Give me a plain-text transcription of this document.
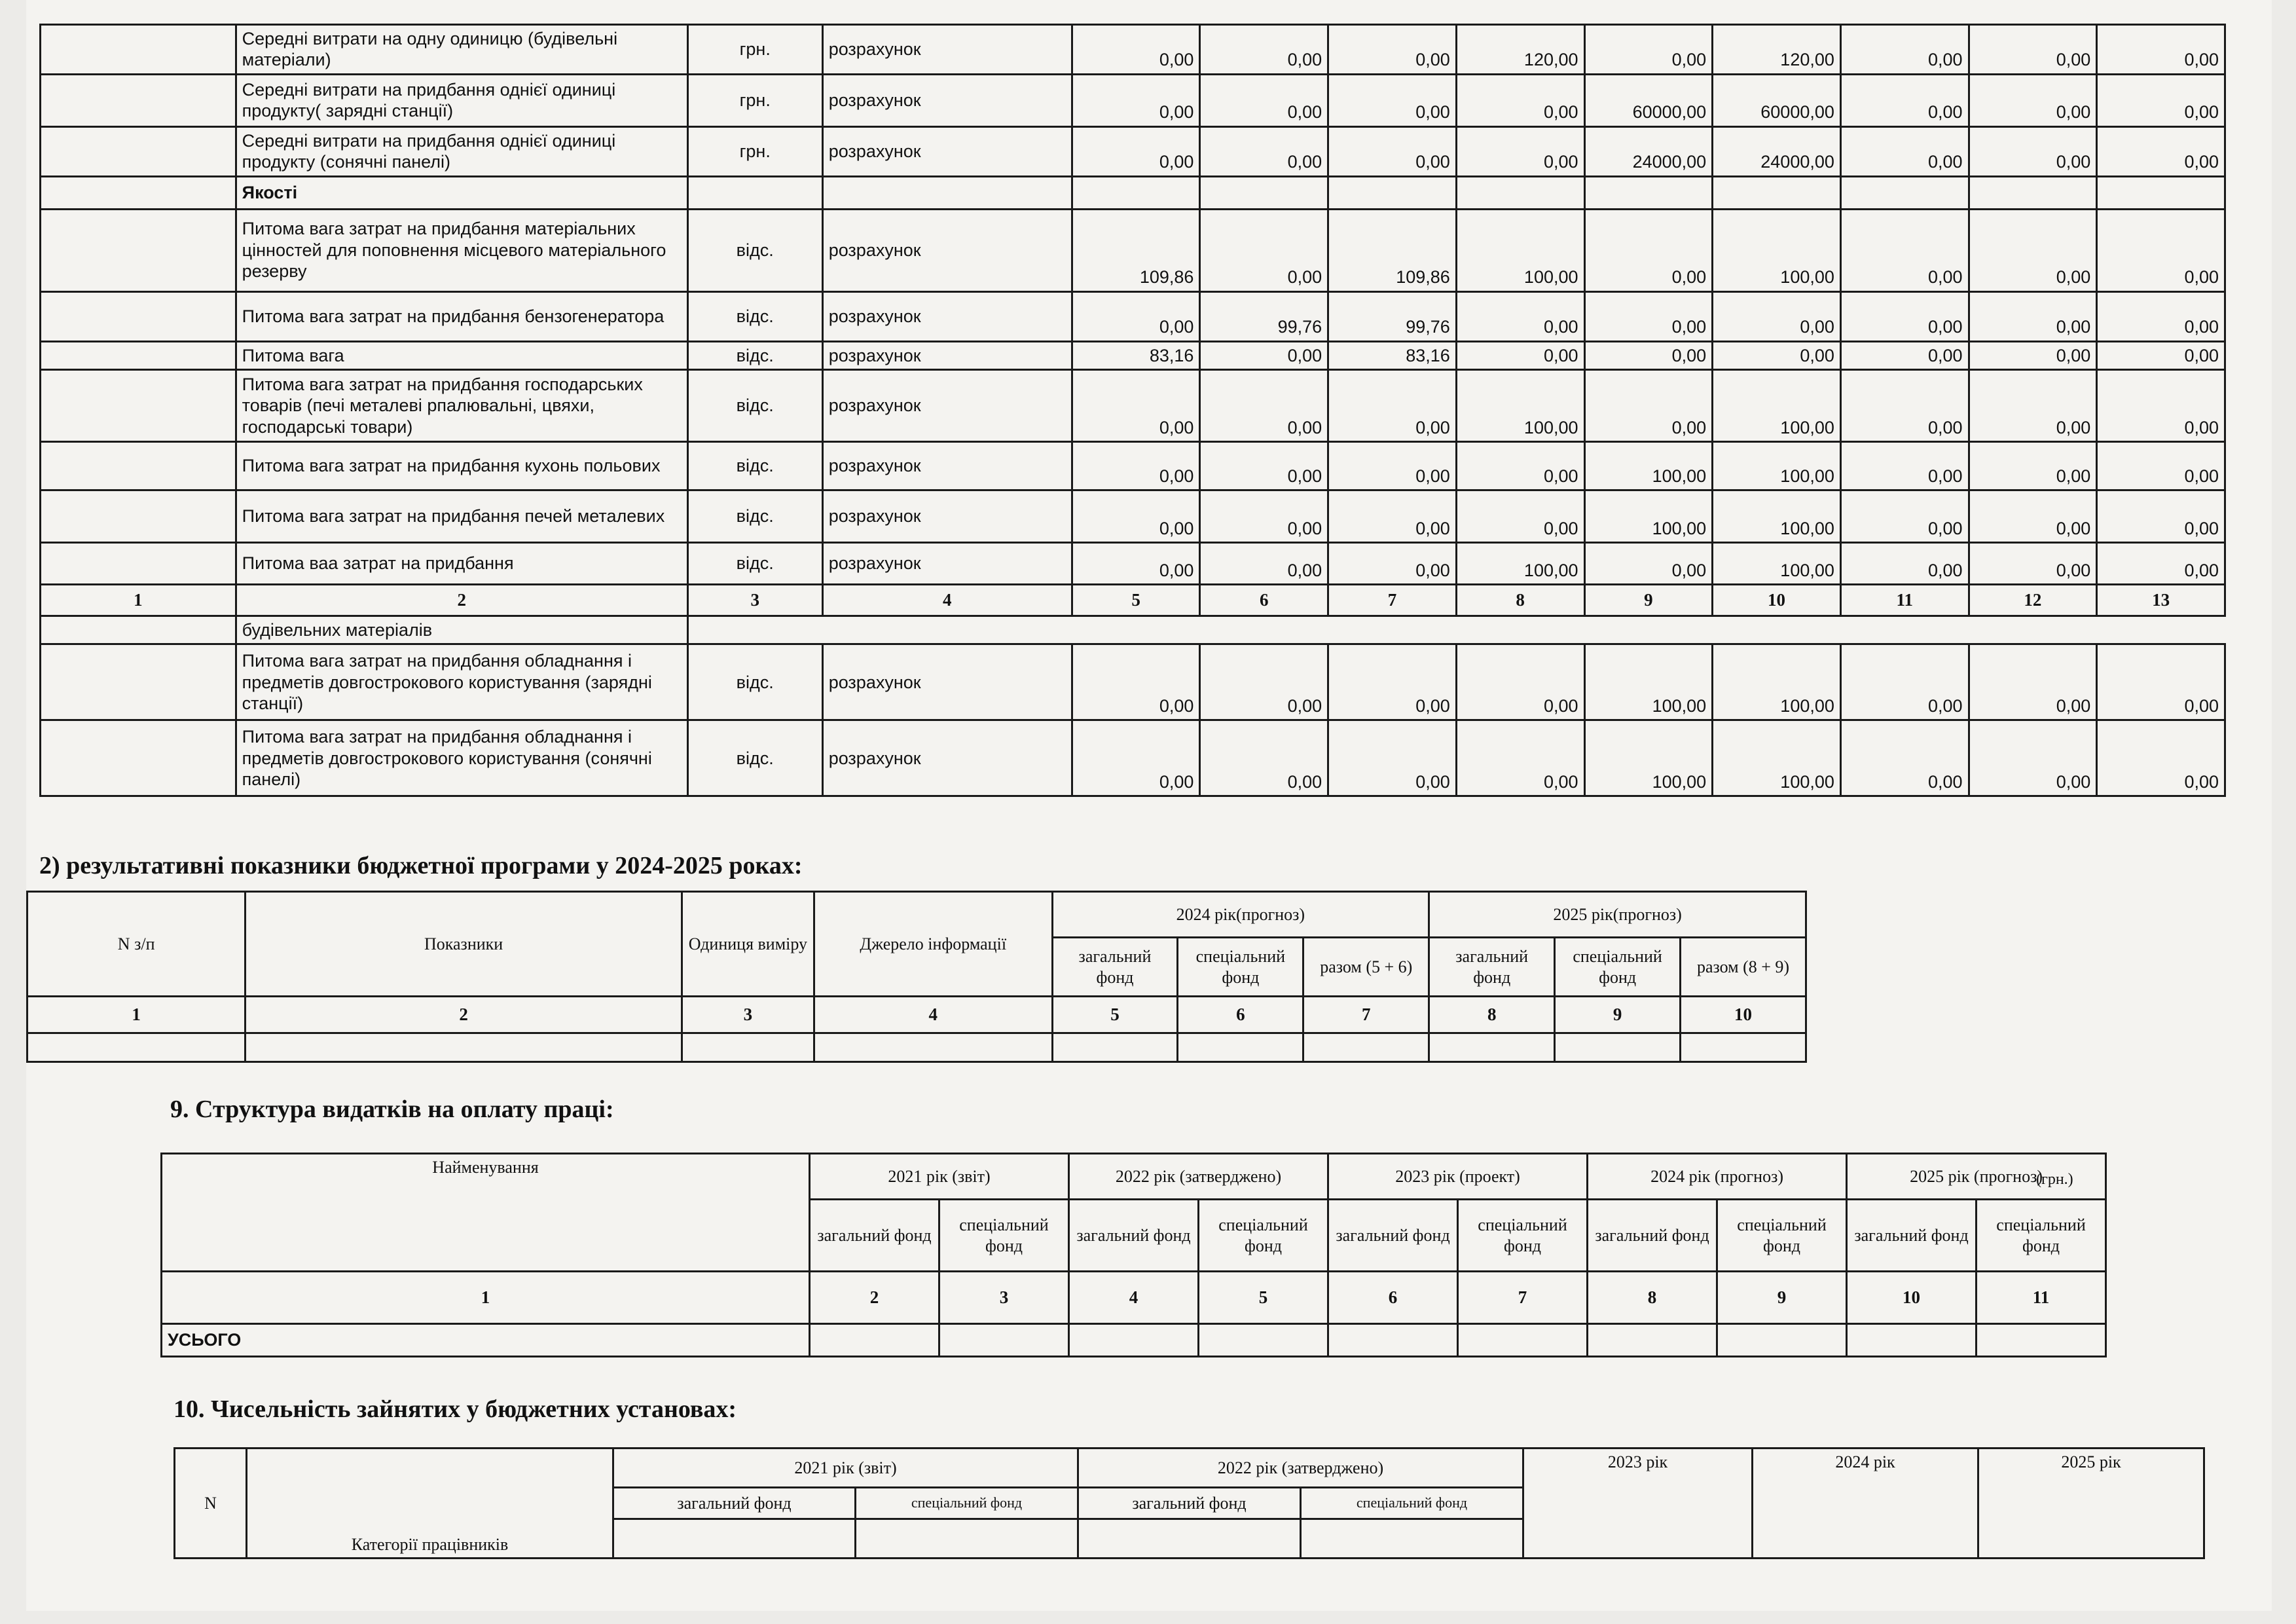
	Середні витрати на одну одиницю (будівельні матеріали)	грн.	розрахунок	0,00	0,00	0,00	120,00	0,00	120,00	0,00	0,00	0,00
	Середні витрати на придбання однієї одиниці продукту( зарядні станції)	грн.	розрахунок	0,00	0,00	0,00	0,00	60000,00	60000,00	0,00	0,00	0,00
	Середні витрати на придбання однієї одиниці продукту (сонячні панелі)	грн.	розрахунок	0,00	0,00	0,00	0,00	24000,00	24000,00	0,00	0,00	0,00
	Якості											
	Питома вага затрат на придбання матеріальних цінностей для поповнення місцевого матеріального резерву	відс.	розрахунок	109,86	0,00	109,86	100,00	0,00	100,00	0,00	0,00	0,00
	Питома вага затрат на придбання бензогенератора	відс.	розрахунок	0,00	99,76	99,76	0,00	0,00	0,00	0,00	0,00	0,00
	Питома вага	відс.	розрахунок	83,16	0,00	83,16	0,00	0,00	0,00	0,00	0,00	0,00
	Питома вага затрат на придбання господарських товарів (печі металеві рпалювальні, цвяхи, господарські товари)	відс.	розрахунок	0,00	0,00	0,00	100,00	0,00	100,00	0,00	0,00	0,00
	Питома вага затрат на придбання кухонь польових	відс.	розрахунок	0,00	0,00	0,00	0,00	100,00	100,00	0,00	0,00	0,00
	Питома вага затрат на придбання печей металевих	відс.	розрахунок	0,00	0,00	0,00	0,00	100,00	100,00	0,00	0,00	0,00
	Питома ваа затрат на придбання	відс.	розрахунок	0,00	0,00	0,00	100,00	0,00	100,00	0,00	0,00	0,00
1	2	3	4	5	6	7	8	9	10	11	12	13
	будівельних матеріалів											
	Питома вага затрат на придбання обладнання і предметів довгострокового користування (зарядні станції)	відс.	розрахунок	0,00	0,00	0,00	0,00	100,00	100,00	0,00	0,00	0,00
	Питома вага затрат на придбання обладнання і предметів довгострокового користування (сонячні панелі)	відс.	розрахунок	0,00	0,00	0,00	0,00	100,00	100,00	0,00	0,00	0,00
2) результативні показники бюджетної програми у 2024-2025 роках:
N з/п	Показники	Одиниця виміру	Джерело інформації	2024 рік(прогноз)			2025 рік(прогноз)		
				загальний фонд	спеціальний фонд	разом (5 + 6)	загальний фонд	спеціальний фонд	разом (8 + 9)
1	2	3	4	5	6	7	8	9	10

9. Структура видатків на оплату праці:
(грн.)
Найменування	2021 рік (звіт)		2022 рік (затверджено)		2023 рік (проект)		2024 рік (прогноз)		2025 рік (прогноз)	
	загальний фонд	спеціальний фонд	загальний фонд	спеціальний фонд	загальний фонд	спеціальний фонд	загальний фонд	спеціальний фонд	загальний фонд	спеціальний фонд
1	2	3	4	5	6	7	8	9	10	11
УСЬОГО										
10. Чисельність зайнятих у бюджетних установах:
N	Категорії працівників	2021 рік (звіт)		2022 рік (затверджено)		2023 рік	2024 рік	2025 рік
		загальний фонд	спеціальний фонд	загальний фонд	спеціальний фонд			
